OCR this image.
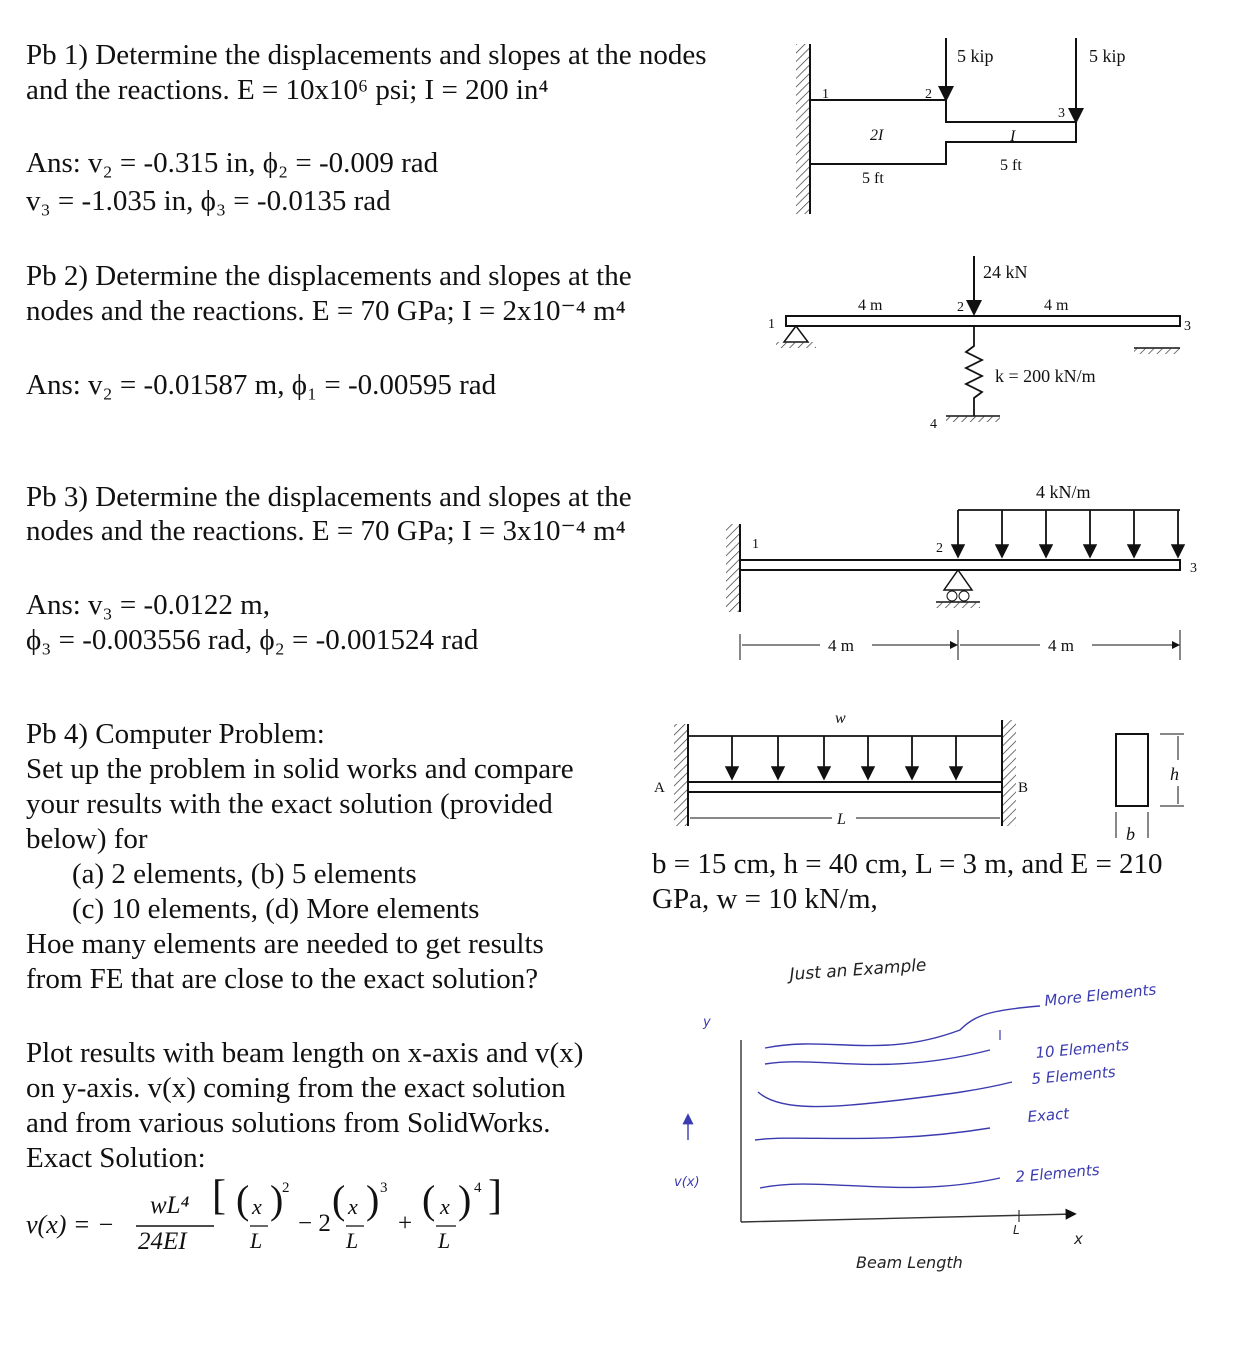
Pb 1) Determine the displacements and slopes at the nodes

and the reactions. E = 10x10⁶ psi; I = 200 in⁴

Ans: v₂ = -0.315 in, ϕ₂ = -0.009 rad

v₃ = -1.035 in, ϕ₃ = -0.0135 rad

Pb 2) Determine the displacements and slopes at the

nodes and the reactions. E = 70 GPa; I = 2x10⁻⁴ m⁴

Ans: v₂ = -0.01587 m, ϕ₁ = -0.00595 rad

Pb 3) Determine the displacements and slopes at the

nodes and the reactions. E = 70 GPa; I = 3x10⁻⁴ m⁴

Ans: v₃ = -0.0122 m,

ϕ₃ = -0.003556 rad, ϕ₂ = -0.001524 rad

Pb 4) Computer Problem:
Set up the problem in solid works and compare
your results with the exact solution (provided
below) for
(a) 2 elements, (b) 5 elements
(c) 10 elements, (d) More elements
Hoe many elements are needed to get results
from FE that are close to the exact solution?
Plot results with beam length on x-axis and v(x)
on y-axis. v(x) coming from the exact solution
and from various solutions from SolidWorks.
Exact Solution:
v(x) = −
wL⁴
24EI
[ ( x
L
)
2
− 2
( x
L
) 3
+
( x
L
) 4 ]

b = 15 cm, h = 40 cm, L = 3 m, and E = 210

GPa, w = 10 kN/m,

5 kip	5 kip
1	2
3
2I	I
5 ft
5 ft
24 kN
4 m	4 m
1
2
3
4
k = 200 kN/m
4 kN/m
1	2
3
4 m	4 m
w
A	B
L
h
b
Just an Example
More Elements
10 Elements
5 Elements
Exact
2 Elements
y
v(x)
Beam Length
x
L
